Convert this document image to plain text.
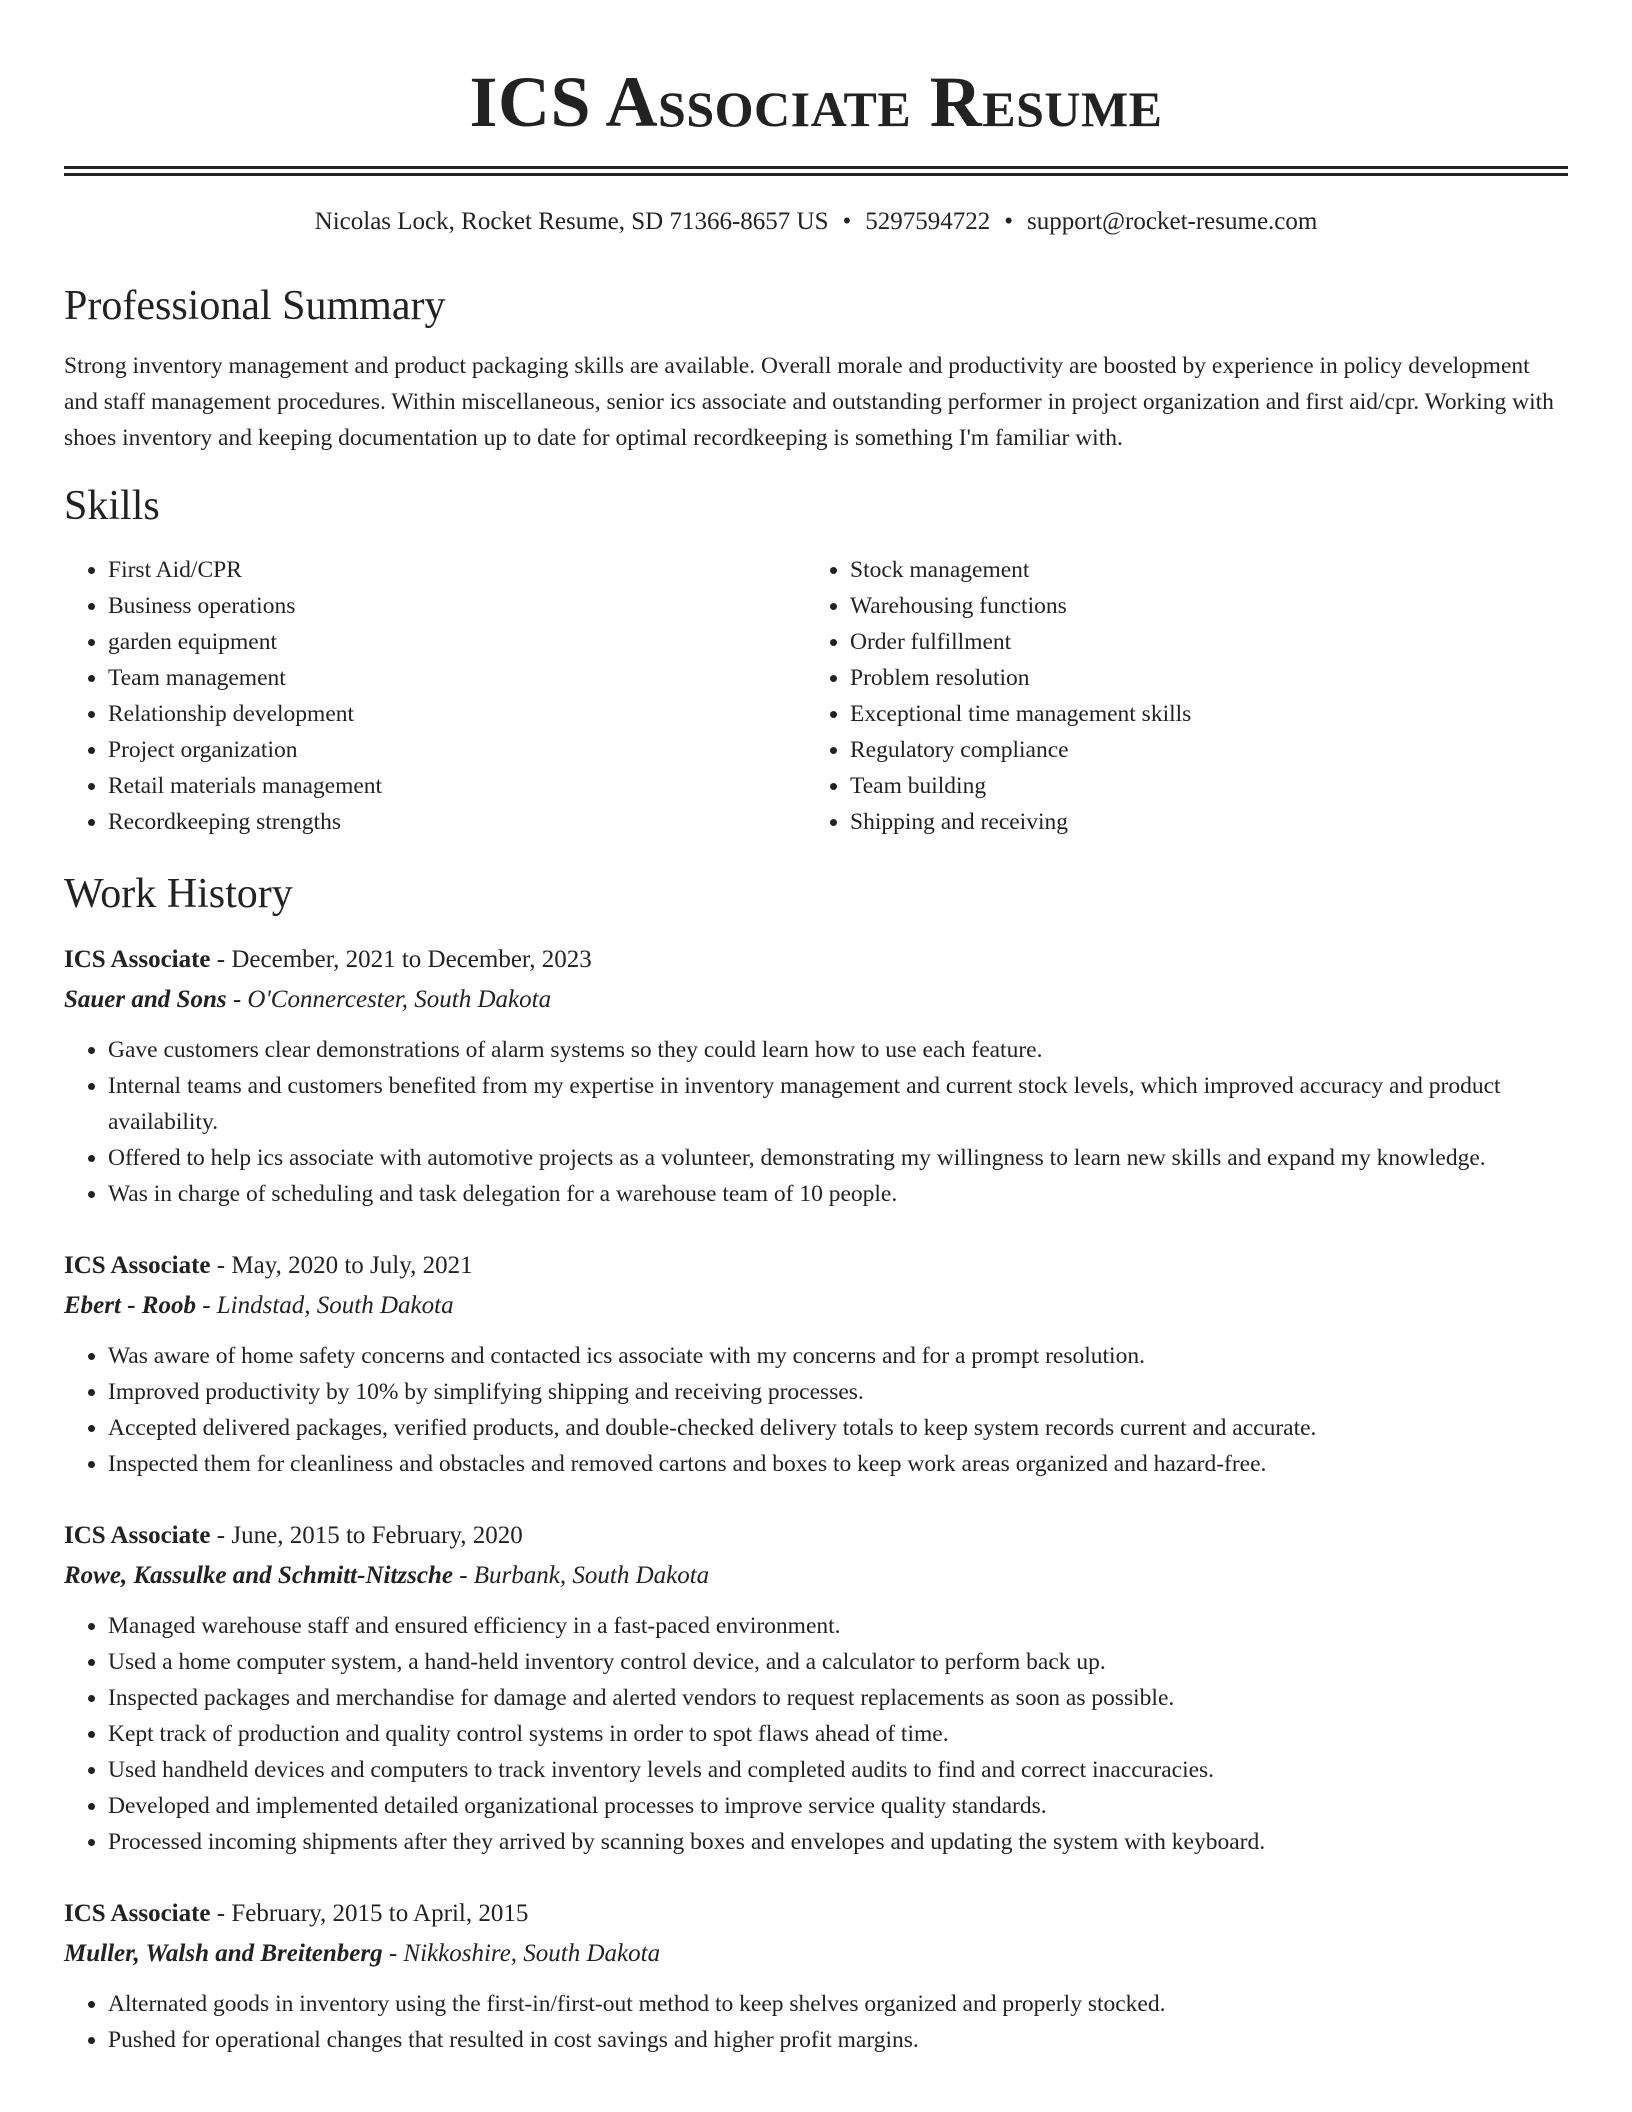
ICS Associate Resume
Nicolas Lock, Rocket Resume, SD 71366-8657 US • 5297594722 • support@rocket-resume.com
Professional Summary

Strong inventory management and product packaging skills are available. Overall morale and productivity are boosted by experience in policy development and staff management procedures. Within miscellaneous, senior ics associate and outstanding performer in project organization and first aid/cpr. Working with shoes inventory and keeping documentation up to date for optimal recordkeeping is something I'm familiar with.

Skills
• First Aid/CPR
• Business operations
• garden equipment
• Team management
• Relationship development
• Project organization
• Retail materials management
• Recordkeeping strengths
• Stock management
• Warehousing functions
• Order fulfillment
• Problem resolution
• Exceptional time management skills
• Regulatory compliance
• Team building
• Shipping and receiving
Work History
ICS Associate - December, 2021 to December, 2023
Sauer and Sons - O'Connercester, South Dakota
• Gave customers clear demonstrations of alarm systems so they could learn how to use each feature.
• Internal teams and customers benefited from my expertise in inventory management and current stock levels, which improved accuracy and product availability.
• Offered to help ics associate with automotive projects as a volunteer, demonstrating my willingness to learn new skills and expand my knowledge.
• Was in charge of scheduling and task delegation for a warehouse team of 10 people.
ICS Associate - May, 2020 to July, 2021
Ebert - Roob - Lindstad, South Dakota
• Was aware of home safety concerns and contacted ics associate with my concerns and for a prompt resolution.
• Improved productivity by 10% by simplifying shipping and receiving processes.
• Accepted delivered packages, verified products, and double-checked delivery totals to keep system records current and accurate.
• Inspected them for cleanliness and obstacles and removed cartons and boxes to keep work areas organized and hazard-free.
ICS Associate - June, 2015 to February, 2020
Rowe, Kassulke and Schmitt-Nitzsche - Burbank, South Dakota
• Managed warehouse staff and ensured efficiency in a fast-paced environment.
• Used a home computer system, a hand-held inventory control device, and a calculator to perform back up.
• Inspected packages and merchandise for damage and alerted vendors to request replacements as soon as possible.
• Kept track of production and quality control systems in order to spot flaws ahead of time.
• Used handheld devices and computers to track inventory levels and completed audits to find and correct inaccuracies.
• Developed and implemented detailed organizational processes to improve service quality standards.
• Processed incoming shipments after they arrived by scanning boxes and envelopes and updating the system with keyboard.
ICS Associate - February, 2015 to April, 2015
Muller, Walsh and Breitenberg - Nikkoshire, South Dakota
• Alternated goods in inventory using the first-in/first-out method to keep shelves organized and properly stocked.
• Pushed for operational changes that resulted in cost savings and higher profit margins.
